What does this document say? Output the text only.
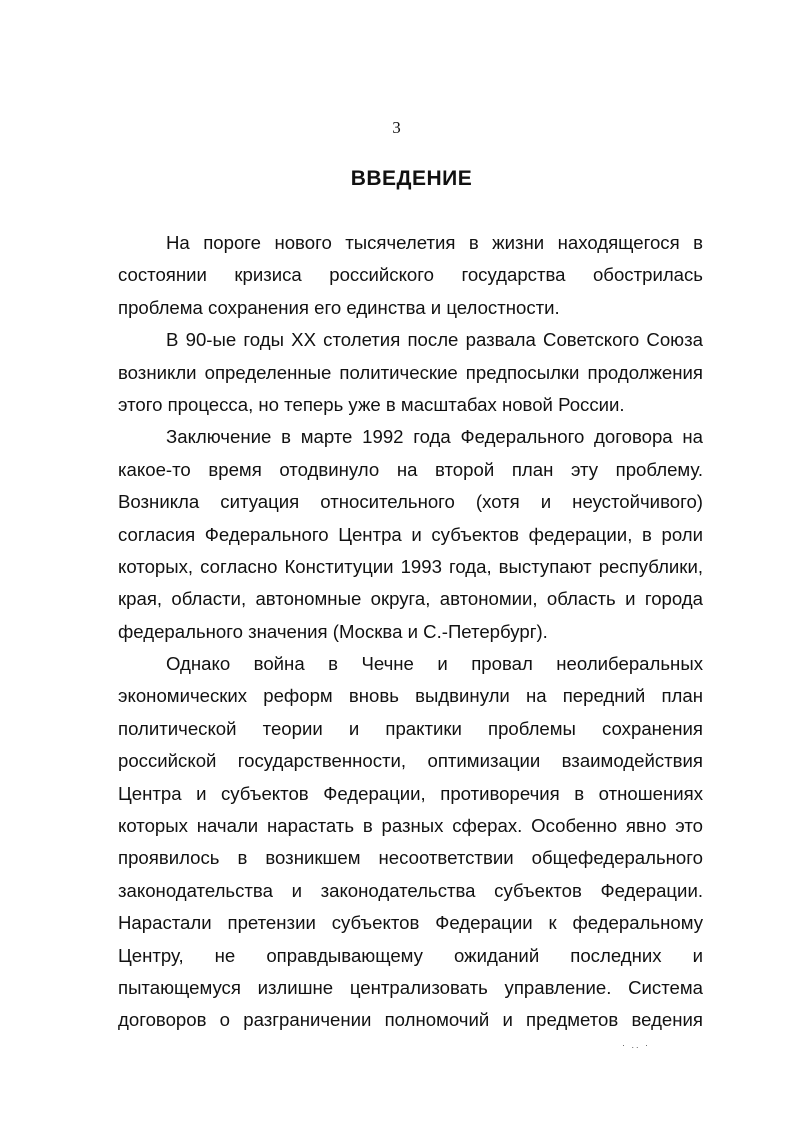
3
ВВЕДЕНИЕ
На пороге нового тысячелетия в жизни находящегося в
состоянии кризиса российского государства обострилась
проблема сохранения его единства и целостности.
В 90-ые годы XX столетия после развала Советского Союза
возникли определенные политические предпосылки продолжения
этого процесса, но теперь уже в масштабах новой России.
Заключение в марте 1992 года Федерального договора на
какое-то время отодвинуло на второй план эту проблему.
Возникла ситуация относительного (хотя и неустойчивого)
согласия Федерального Центра и субъектов федерации, в роли
которых, согласно Конституции 1993 года, выступают республики,
края, области, автономные округа, автономии, область и города
федерального значения (Москва и С.-Петербург).
Однако война в Чечне и провал неолиберальных
экономических реформ вновь выдвинули на передний план
политической теории и практики проблемы сохранения
российской государственности, оптимизации взаимодействия
Центра и субъектов Федерации, противоречия в отношениях
которых начали нарастать в разных сферах. Особенно явно это
проявилось в возникшем несоответствии общефедерального
законодательства и законодательства субъектов Федерации.
Нарастали претензии субъектов Федерации к федеральному
Центру, не оправдывающему ожиданий последних и
пытающемуся излишне централизовать управление. Система
договоров о разграничении полномочий и предметов ведения
· .. ·
